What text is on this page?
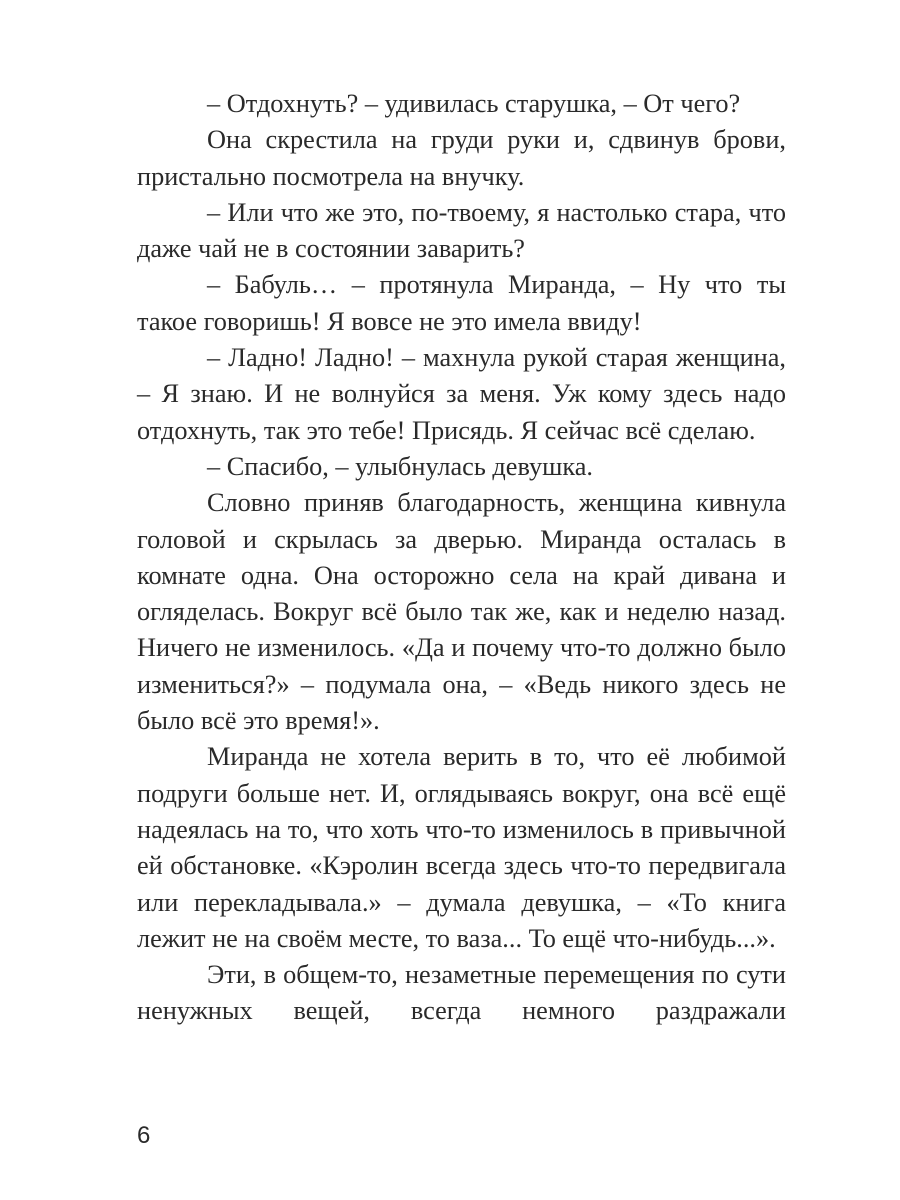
– Отдохнуть? – удивилась старушка, – От чего?

Она скрестила на груди руки и, сдвинув брови, пристально посмотрела на внучку.

– Или что же это, по-твоему, я настолько стара, что даже чай не в состоянии заварить?

– Бабуль… – протянула Миранда, – Ну что ты такое говоришь! Я вовсе не это имела ввиду!

– Ладно! Ладно! – махнула рукой старая женщина, – Я знаю. И не волнуйся за меня. Уж кому здесь надо отдохнуть, так это тебе! Присядь. Я сейчас всё сделаю.

– Спасибо, – улыбнулась девушка.

Словно приняв благодарность, женщина кивнула головой и скрылась за дверью. Миранда осталась в комнате одна. Она осторожно села на край дивана и огляделась. Вокруг всё было так же, как и неделю назад. Ничего не изменилось. «Да и почему что-то должно было измениться?» – подумала она, – «Ведь никого здесь не было всё это время!».

Миранда не хотела верить в то, что её любимой подруги больше нет. И, оглядываясь вокруг, она всё ещё надеялась на то, что хоть что-то изменилось в привычной ей обстановке. «Кэролин всегда здесь что-то передвигала или перекладывала.» – думала девушка, – «То книга лежит не на своём месте, то ваза... То ещё что-нибудь...».

Эти, в общем-то, незаметные перемещения по сути ненужных вещей, всегда немного раздражали

6
